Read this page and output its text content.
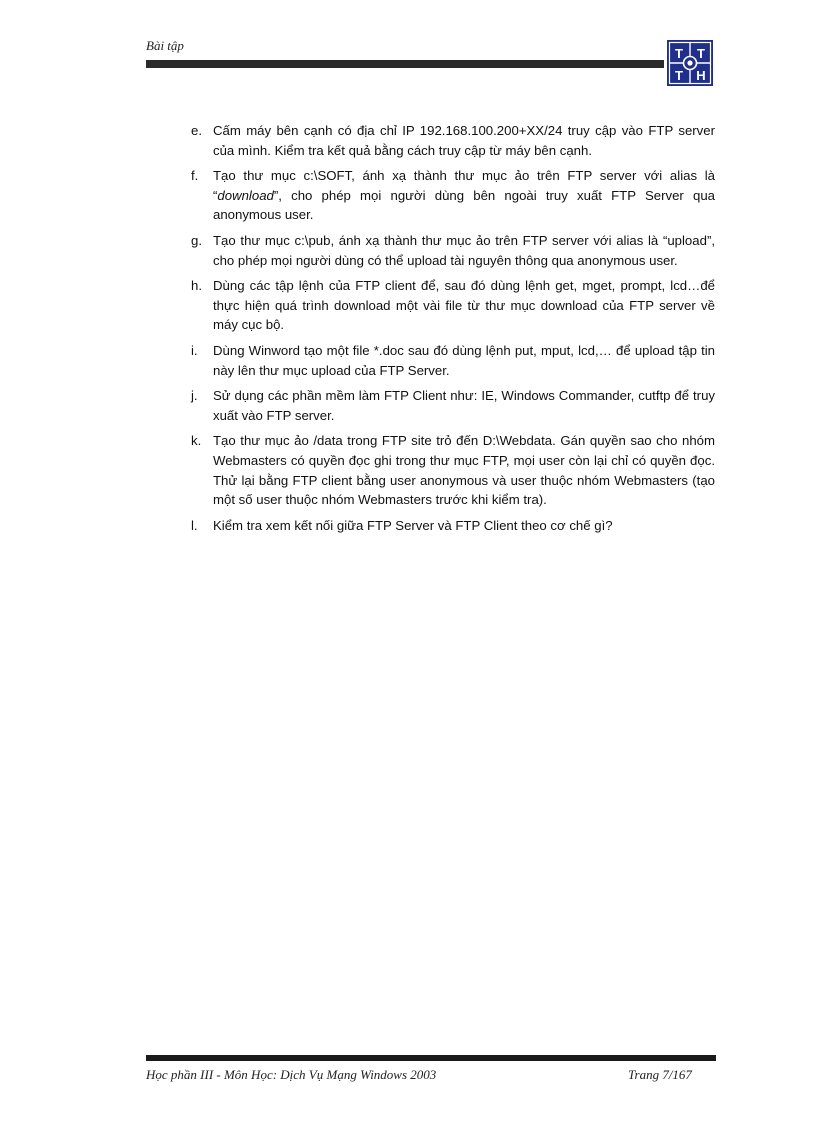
Bài tập
T T
T H
e. Cấm máy bên cạnh có địa chỉ IP 192.168.100.200+XX/24 truy cập vào FTP server của mình. Kiểm tra kết quả bằng cách truy cập từ máy bên cạnh.
f. Tạo thư mục c:\SOFT, ánh xạ thành thư mục ảo trên FTP server với alias là “download”, cho phép mọi người dùng bên ngoài truy xuất FTP Server qua anonymous user.
g. Tạo thư mục c:\pub, ánh xạ thành thư mục ảo trên FTP server với alias là “upload”, cho phép mọi người dùng có thể upload tài nguyên thông qua anonymous user.
h. Dùng các tập lệnh của FTP client để, sau đó dùng lệnh get, mget, prompt, lcd…để thực hiện quá trình download một vài file từ thư mục download của FTP server về máy cục bộ.
i. Dùng Winword tạo một file *.doc sau đó dùng lệnh put, mput, lcd,… để upload tập tin này lên thư mục upload của FTP Server.
j. Sử dụng các phần mềm làm FTP Client như: IE, Windows Commander, cutftp để truy xuất vào FTP server.
k. Tạo thư mục ảo /data trong FTP site trỏ đến D:\Webdata. Gán quyền sao cho nhóm Webmasters có quyền đọc ghi trong thư mục FTP, mọi user còn lại chỉ có quyền đọc. Thử lại bằng FTP client bằng user anonymous và user thuộc nhóm Webmasters (tạo một số user thuộc nhóm Webmasters trước khi kiểm tra).
l. Kiểm tra xem kết nối giữa FTP Server và FTP Client theo cơ chế gì?
Học phần III - Môn Học: Dịch Vụ Mạng Windows 2003	Trang 7/167
